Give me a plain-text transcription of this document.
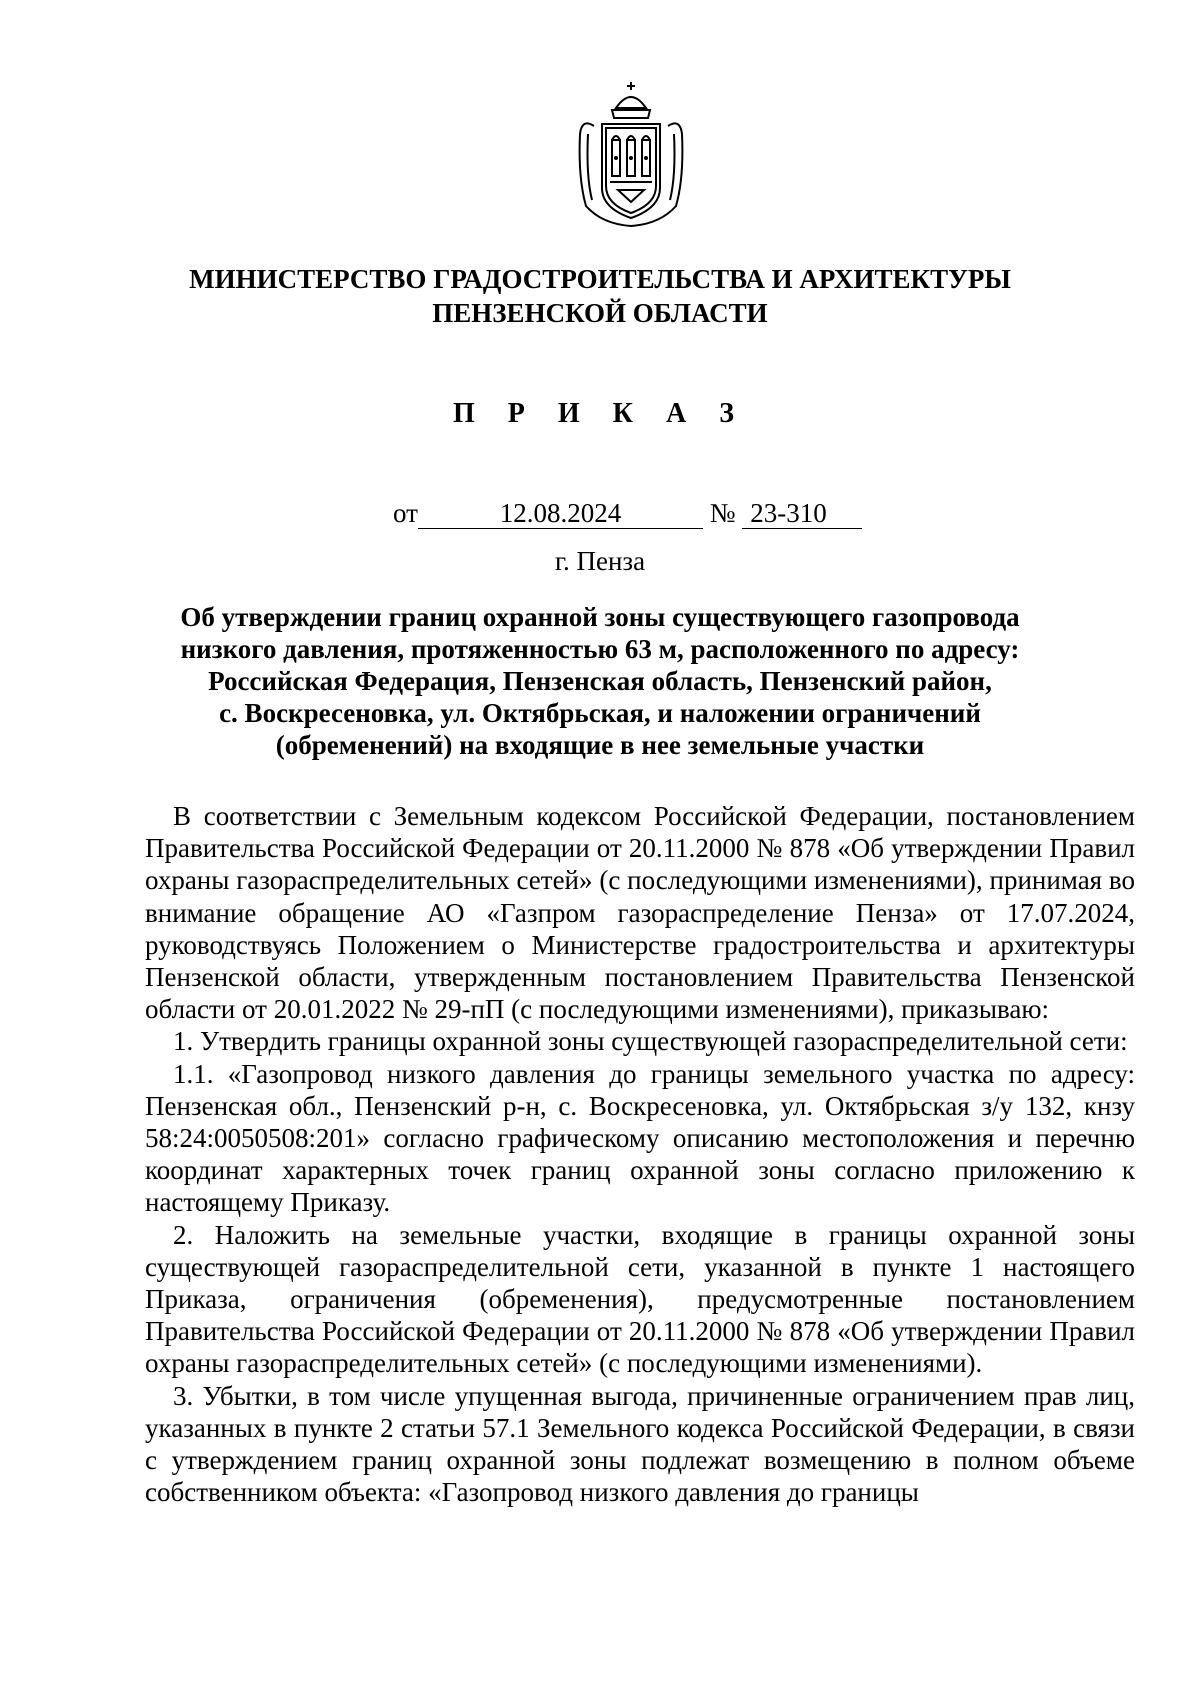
МИНИСТЕРСТВО ГРАДОСТРОИТЕЛЬСТВА И АРХИТЕКТУРЫ
ПЕНЗЕНСКОЙ ОБЛАСТИ
П Р И К А З
от	12.08.2024	№ 23-310
г. Пенза
Об утверждении границ охранной зоны существующего газопровода
низкого давления, протяженностью 63 м, расположенного по адресу:
Российская Федерация, Пензенская область, Пензенский район,
с. Воскресеновка, ул. Октябрьская, и наложении ограничений
(обременений) на входящие в нее земельные участки

В соответствии с Земельным кодексом Российской Федерации, постановлением Правительства Российской Федерации от 20.11.2000 № 878 «Об утверждении Правил охраны газораспределительных сетей» (с последующими изменениями), принимая во внимание обращение АО «Газпром газораспределение Пенза» от 17.07.2024, руководствуясь Положением о Министерстве градостроительства и архитектуры Пензенской области, утвержденным постановлением Правительства Пензенской области от 20.01.2022 № 29-пП (с последующими изменениями), приказываю:

1. Утвердить границы охранной зоны существующей газораспределительной сети:

1.1. «Газопровод низкого давления до границы земельного участка по адресу: Пензенская обл., Пензенский р-н, с. Воскресеновка, ул. Октябрьская з/у 132, кнзу 58:24:0050508:201» согласно графическому описанию местоположения и перечню координат характерных точек границ охранной зоны согласно приложению к настоящему Приказу.

2. Наложить на земельные участки, входящие в границы охранной зоны существующей газораспределительной сети, указанной в пункте 1 настоящего Приказа, ограничения (обременения), предусмотренные постановлением Правительства Российской Федерации от 20.11.2000 № 878 «Об утверждении Правил охраны газораспределительных сетей» (с последующими изменениями).

3. Убытки, в том числе упущенная выгода, причиненные ограничением прав лиц, указанных в пункте 2 статьи 57.1 Земельного кодекса Российской Федерации, в связи с утверждением границ охранной зоны подлежат возмещению в полном объеме собственником объекта: «Газопровод низкого давления до границы
